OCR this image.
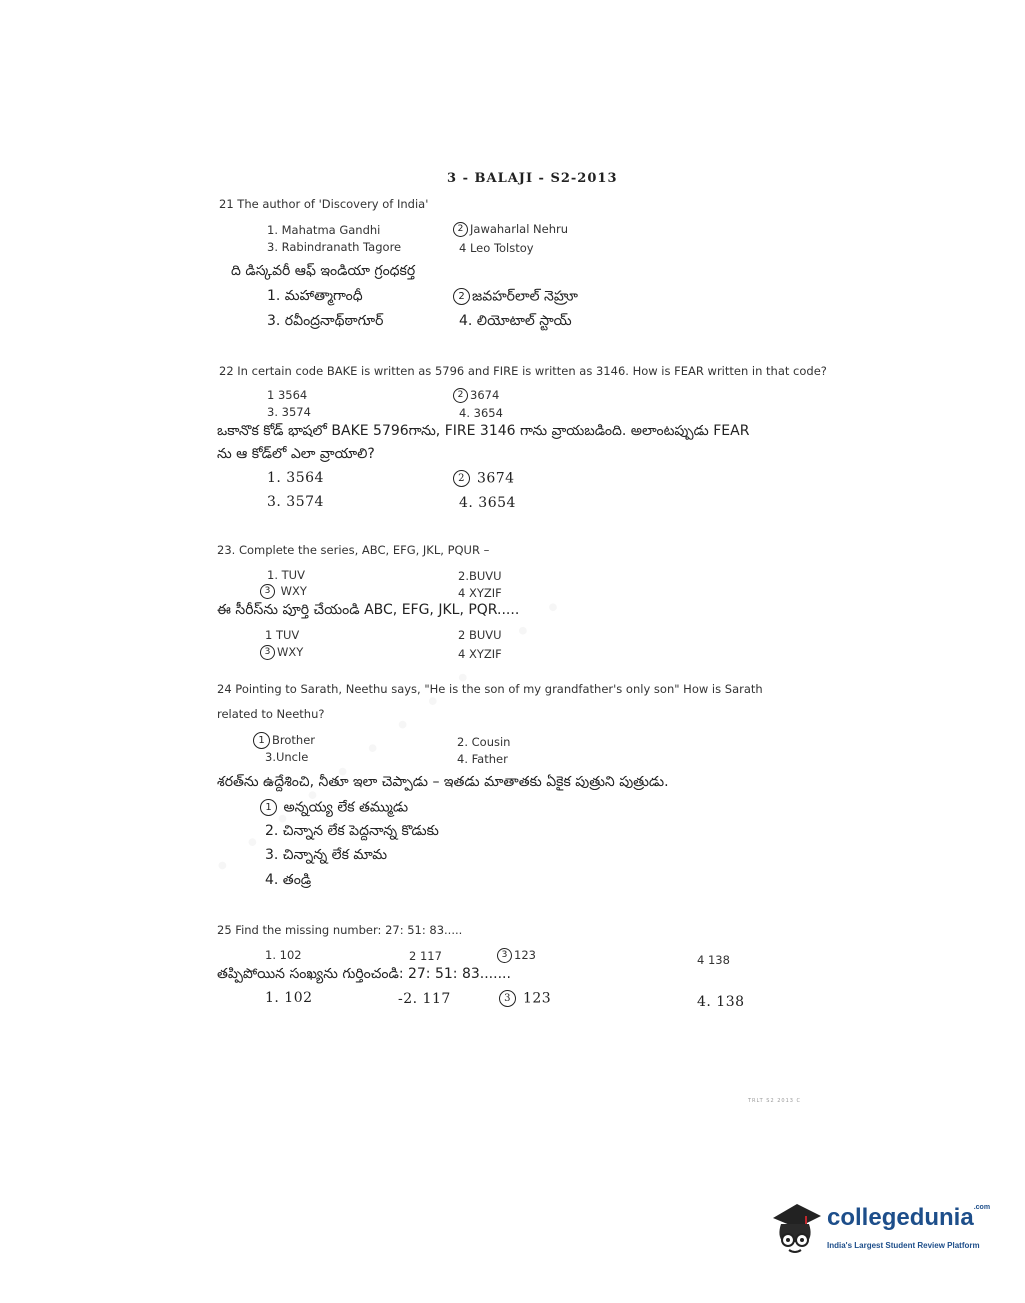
3 - BALAJI - S2-2013
21 The author of 'Discovery of India'
1. Mahatma Gandhi	2 Jawaharlal Nehru
3. Rabindranath Tagore	4 Leo Tolstoy
ది డిస్కవరీ ఆఫ్ ఇండియా గ్రంధకర్త
1. మహాత్మాగాంధీ	2 జవహర్‌లాల్ నెహ్రూ
3. రవీంద్రనాథ్‌ఠాగూర్	4. లియోటాల్ స్టాయ్
22 In certain code BAKE is written as 5796 and FIRE is written as 3146. How is FEAR written in that code?
1 3564	2 3674
3. 3574	4. 3654
ఒకానొక కోడ్ భాషలో BAKE 5796గాను, FIRE 3146 గాను వ్రాయబడింది. అలాంటప్పుడు FEAR
ను ఆ కోడ్‌లో ఎలా వ్రాయాలి?
1. 3564	2 3674
3. 3574	4. 3654
23. Complete the series, ABC, EFG, JKL, PQUR –
1. TUV	2.BUVU
3 WXY	4 XYZIF
ఈ సీరీస్‌ను పూర్తి చేయండి ABC, EFG, JKL, PQR.....
1 TUV	2 BUVU
3 WXY	4 XYZIF
24 Pointing to Sarath, Neethu says, "He is the son of my grandfather's only son" How is Sarath
related to Neethu?
1 Brother	2. Cousin
3.Uncle	4. Father
శరత్‌ను ఉద్దేశించి, నీతూ ఇలా చెప్పాడు – ఇతడు మాతాతకు ఏకైక పుత్రుని పుత్రుడు.
1 అన్నయ్య లేక తమ్ముడు
2. చిన్నాన లేక పెద్దనాన్న కొడుకు
3. చిన్నాన్న లేక మామ
4. తండ్రి
25 Find the missing number: 27: 51: 83.....
1. 102	2 117	3 123	4 138
తప్పిపోయిన సంఖ్యను గుర్తించండి: 27: 51: 83.......
1. 102	-2. 117	3 123	4. 138
TRLT S2 2013 C
collegedunia$^{.com}$
India's Largest Student Review Platform
